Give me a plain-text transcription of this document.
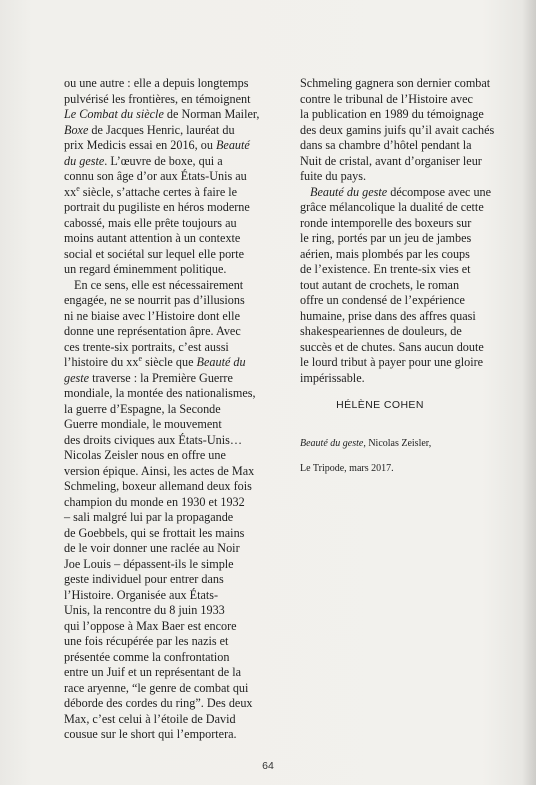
ou une autre : elle a depuis longtemps
pulvérisé les frontières, en témoignent
Le Combat du siècle de Norman Mailer,
Boxe de Jacques Henric, lauréat du
prix Medicis essai en 2016, ou Beauté
du geste. L’œuvre de boxe, qui a
connu son âge d’or aux États-Unis au
$xx^e$ siècle, s’attache certes à faire le
portrait du pugiliste en héros moderne
cabossé, mais elle prête toujours au
moins autant attention à un contexte
social et sociétal sur lequel elle porte
un regard éminemment politique.
En ce sens, elle est nécessairement
engagée, ne se nourrit pas d’illusions
ni ne biaise avec l’Histoire dont elle
donne une représentation âpre. Avec
ces trente-six portraits, c’est aussi
l’histoire du $xx^e$ siècle que Beauté du
geste traverse : la Première Guerre
mondiale, la montée des nationalismes,
la guerre d’Espagne, la Seconde
Guerre mondiale, le mouvement
des droits civiques aux États-Unis…
Nicolas Zeisler nous en offre une
version épique. Ainsi, les actes de Max
Schmeling, boxeur allemand deux fois
champion du monde en 1930 et 1932
– sali malgré lui par la propagande
de Goebbels, qui se frottait les mains
de le voir donner une raclée au Noir
Joe Louis – dépassent-ils le simple
geste individuel pour entrer dans
l’Histoire. Organisée aux États-
Unis, la rencontre du 8 juin 1933
qui l’oppose à Max Baer est encore
une fois récupérée par les nazis et
présentée comme la confrontation
entre un Juif et un représentant de la
race aryenne, “le genre de combat qui
déborde des cordes du ring”. Des deux
Max, c’est celui à l’étoile de David
cousue sur le short qui l’emportera.
Schmeling gagnera son dernier combat
contre le tribunal de l’Histoire avec
la publication en 1989 du témoignage
des deux gamins juifs qu’il avait cachés
dans sa chambre d’hôtel pendant la
Nuit de cristal, avant d’organiser leur
fuite du pays.
Beauté du geste décompose avec une
grâce mélancolique la dualité de cette
ronde intemporelle des boxeurs sur
le ring, portés par un jeu de jambes
aérien, mais plombés par les coups
de l’existence. En trente-six vies et
tout autant de crochets, le roman
offre un condensé de l’expérience
humaine, prise dans des affres quasi
shakespeariennes de douleurs, de
succès et de chutes. Sans aucun doute
le lourd tribut à payer pour une gloire
impérissable.
HÉLÈNE COHEN
Beauté du geste, Nicolas Zeisler,

Le Tripode, mars 2017.
64
